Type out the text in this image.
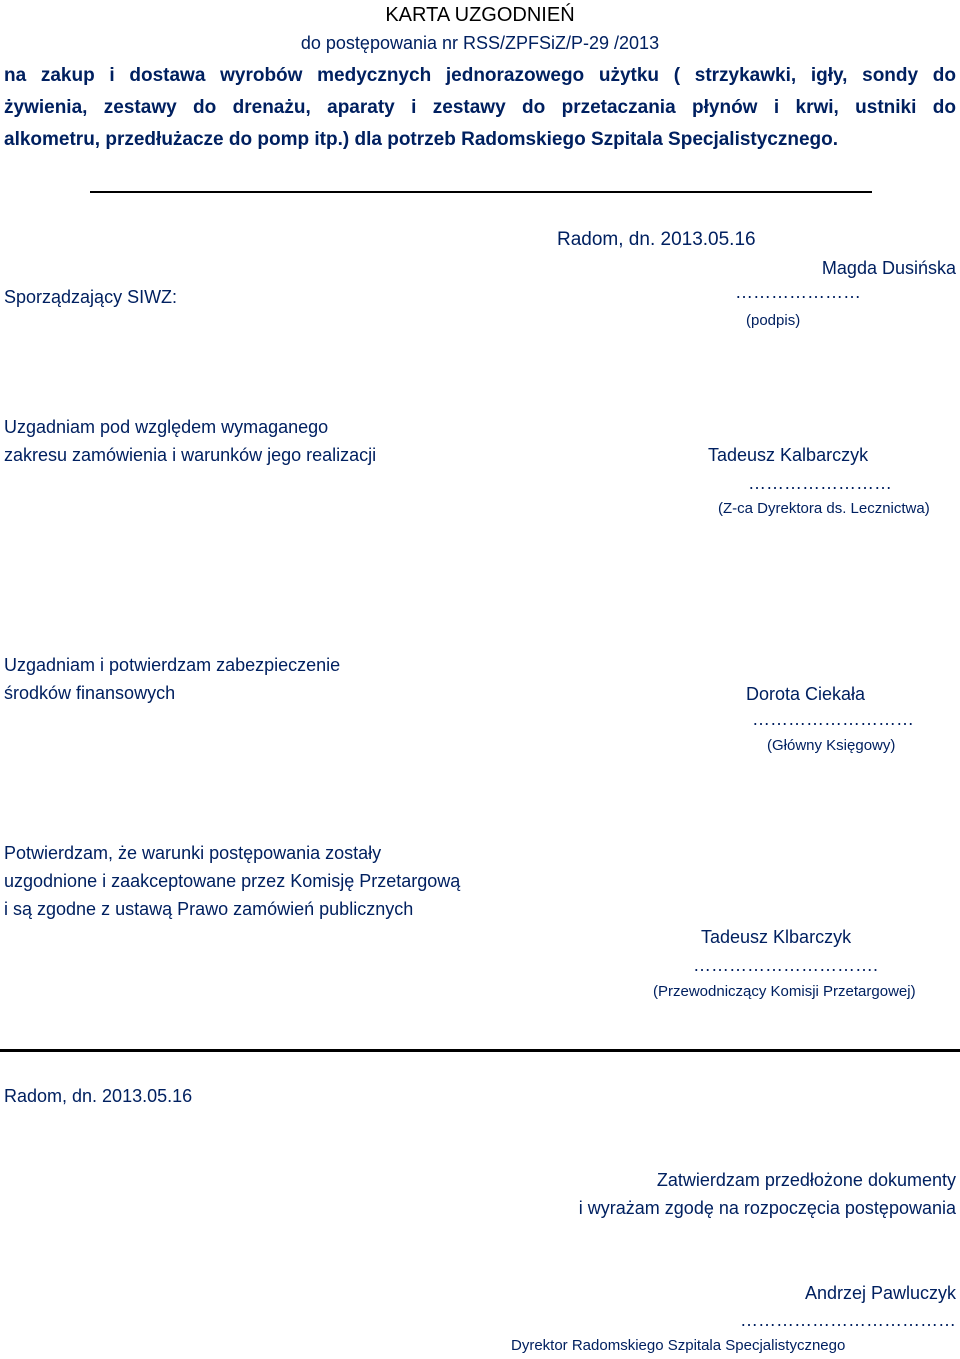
KARTA UZGODNIEŃ
do postępowania nr RSS/ZPFSiZ/P-29 /2013
na zakup i dostawa wyrobów medycznych jednorazowego użytku ( strzykawki, igły, sondy do
żywienia, zestawy do drenażu, aparaty i zestawy do przetaczania płynów i krwi, ustniki do
alkometru, przedłużacze do pomp itp.) dla potrzeb Radomskiego Szpitala Specjalistycznego.
Radom, dn. 2013.05.16
Magda Dusińska
Sporządzający SIWZ:	…………………
(podpis)
Uzgadniam pod względem wymaganego
zakresu zamówienia i warunków jego realizacji	Tadeusz Kalbarczyk
……………………
(Z-ca Dyrektora ds. Lecznictwa)
Uzgadniam i potwierdzam zabezpieczenie
środków finansowych	Dorota Ciekała
………………………
(Główny Księgowy)
Potwierdzam, że warunki postępowania zostały
uzgodnione i zaakceptowane przez Komisję Przetargową
i są zgodne z ustawą Prawo zamówień publicznych
Tadeusz Klbarczyk
………………………….
(Przewodniczący Komisji Przetargowej)
Radom, dn. 2013.05.16
Zatwierdzam przedłożone dokumenty
i wyrażam zgodę na rozpoczęcia postępowania
Andrzej Pawluczyk
………………………………
Dyrektor Radomskiego Szpitala Specjalistycznego
